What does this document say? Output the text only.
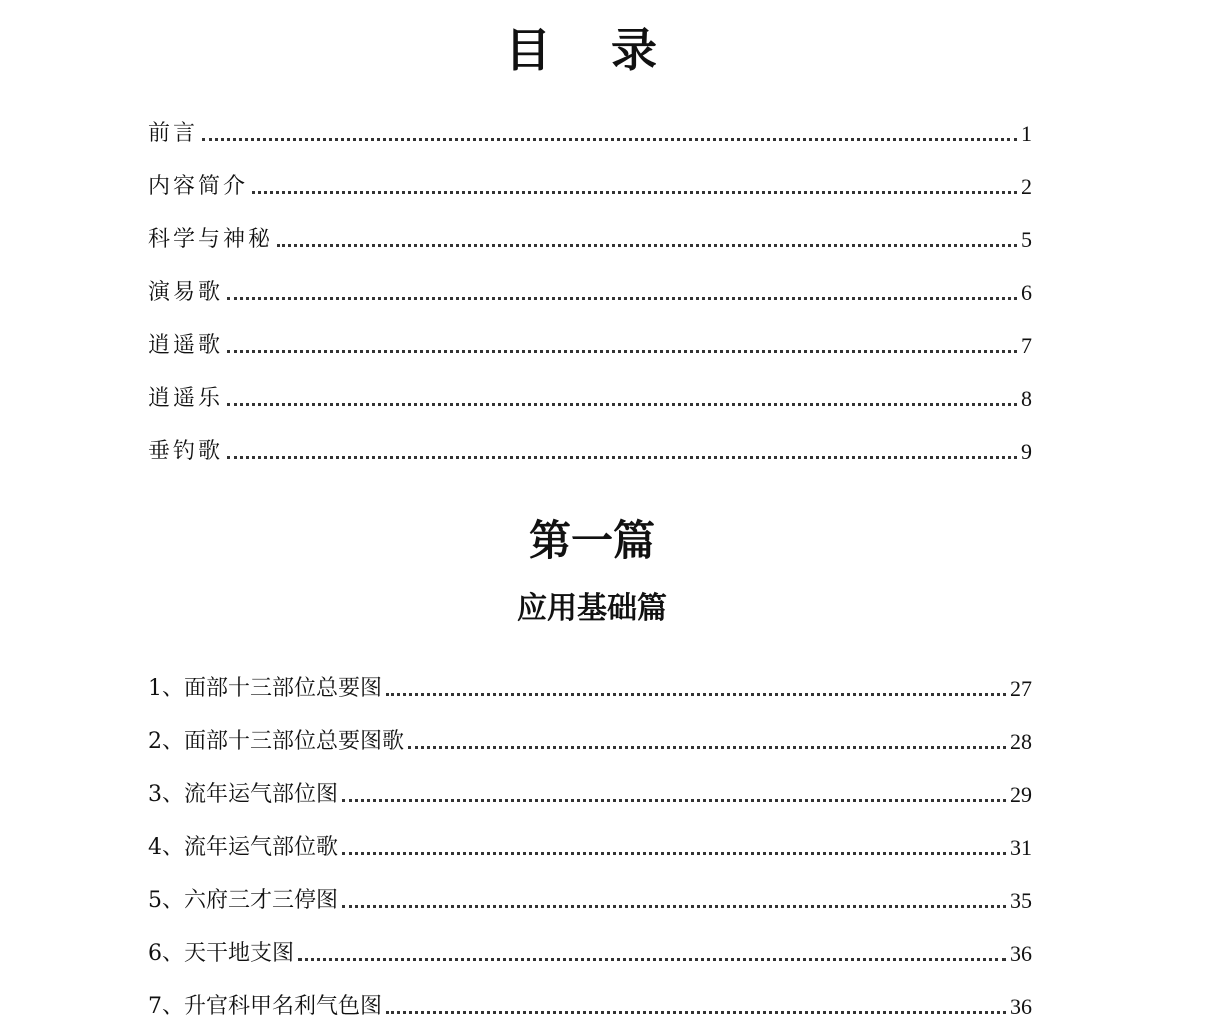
目 录
前言	1
内容简介	2
科学与神秘	5
演易歌	6
逍遥歌	7
逍遥乐	8
垂钓歌	9
第一篇
应用基础篇
1、面部十三部位总要图	27
2、面部十三部位总要图歌	28
3、流年运气部位图	29
4、流年运气部位歌	31
5、六府三才三停图	35
6、天干地支图	36
7、升官科甲名利气色图	36
